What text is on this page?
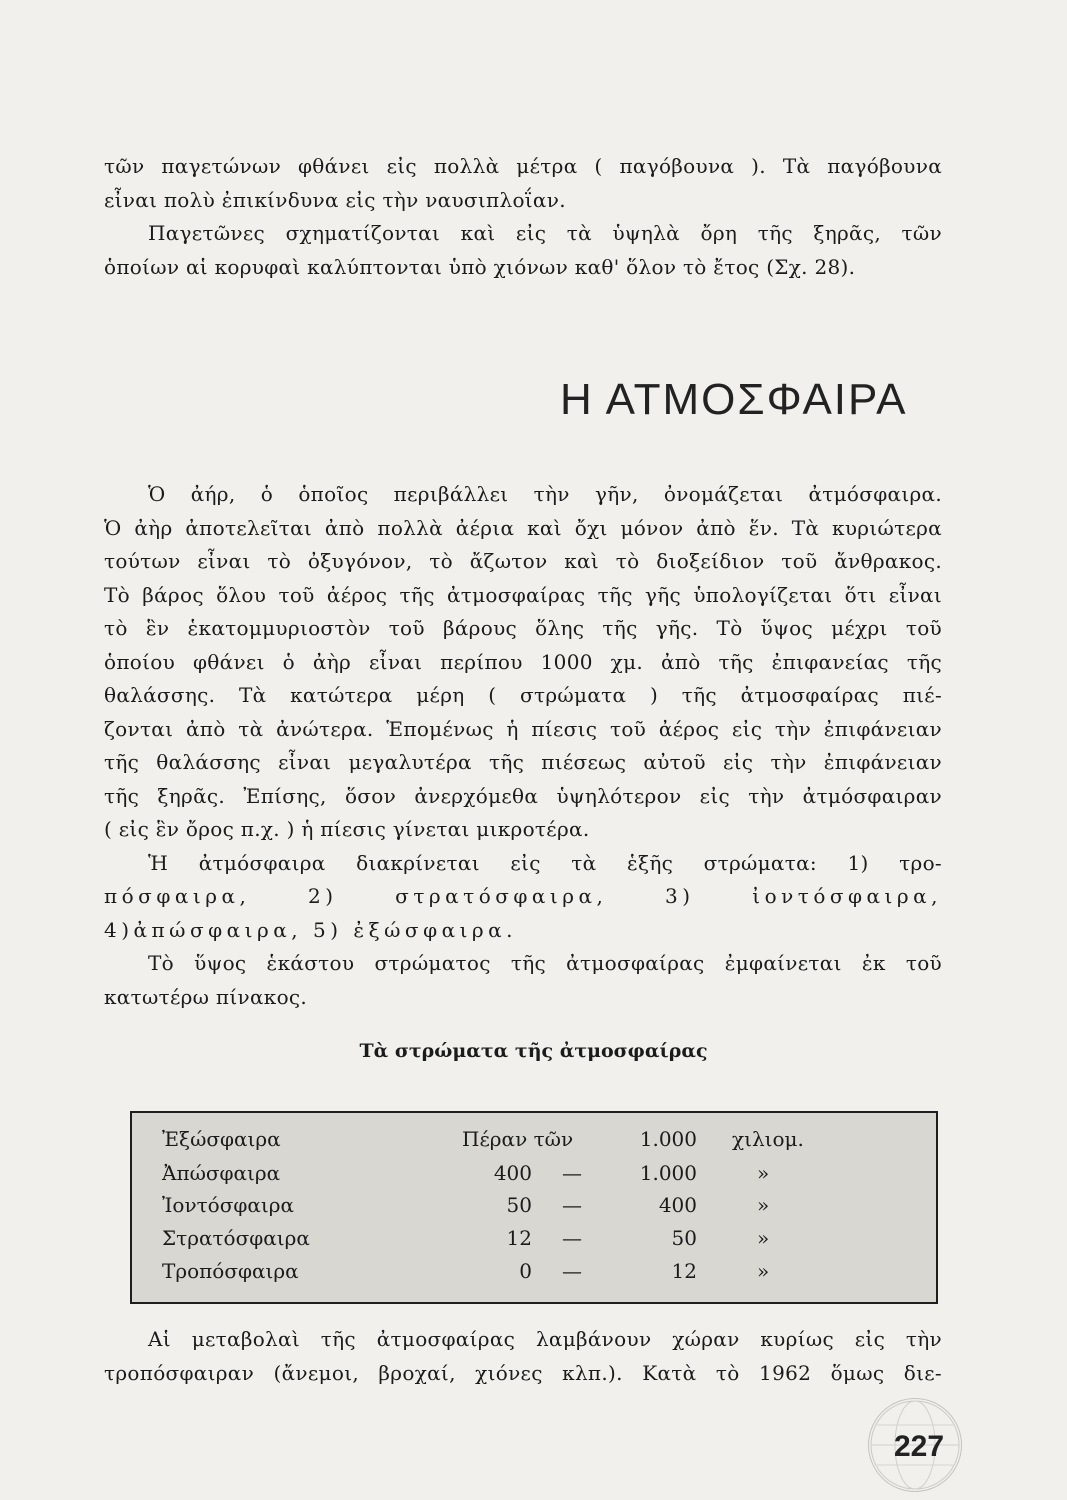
τῶν παγετώνων φθάνει εἰς πολλὰ μέτρα ( παγόβουνα ). Τὰ παγόβουνα
εἶναι πολὺ ἐπικίνδυνα εἰς τὴν ναυσιπλοΐαν.
Παγετῶνες σχηματίζονται καὶ εἰς τὰ ὑψηλὰ ὄρη τῆς ξηρᾶς, τῶν
ὁποίων αἱ κορυφαὶ καλύπτονται ὑπὸ χιόνων καθ' ὅλον τὸ ἔτος (Σχ. 28).
Η ΑΤΜΟΣΦΑΙΡΑ
Ὁ ἀήρ, ὁ ὁποῖος περιβάλλει τὴν γῆν, ὀνομάζεται ἀτμόσφαιρα.
Ὁ ἀὴρ ἀποτελεῖται ἀπὸ πολλὰ ἀέρια καὶ ὄχι μόνον ἀπὸ ἕν. Τὰ κυριώτερα
τούτων εἶναι τὸ ὀξυγόνον, τὸ ἄζωτον καὶ τὸ διοξείδιον τοῦ ἄνθρακος.
Τὸ βάρος ὅλου τοῦ ἀέρος τῆς ἀτμοσφαίρας τῆς γῆς ὑπολογίζεται ὅτι εἶναι
τὸ ἓν ἑκατομμυριοστὸν τοῦ βάρους ὅλης τῆς γῆς. Τὸ ὕψος μέχρι τοῦ
ὁποίου φθάνει ὁ ἀὴρ εἶναι περίπου 1000 χμ. ἀπὸ τῆς ἐπιφανείας τῆς
θαλάσσης. Τὰ κατώτερα μέρη ( στρώματα ) τῆς ἀτμοσφαίρας πιέ-
ζονται ἀπὸ τὰ ἀνώτερα. Ἑπομένως ἡ πίεσις τοῦ ἀέρος εἰς τὴν ἐπιφάνειαν
τῆς θαλάσσης εἶναι μεγαλυτέρα τῆς πιέσεως αὐτοῦ εἰς τὴν ἐπιφάνειαν
τῆς ξηρᾶς. Ἐπίσης, ὅσον ἀνερχόμεθα ὑψηλότερον εἰς τὴν ἀτμόσφαιραν
( εἰς ἓν ὄρος π.χ. ) ἡ πίεσις γίνεται μικροτέρα.
Ἡ ἀτμόσφαιρα διακρίνεται εἰς τὰ ἑξῆς στρώματα: 1) τρο-
πόσφαιρα, 2) στρατόσφαιρα, 3) ἰοντόσφαιρα,
4)ἀπώσφαιρα, 5) ἐξώσφαιρα.
Τὸ ὕψος ἑκάστου στρώματος τῆς ἀτμοσφαίρας ἐμφαίνεται ἐκ τοῦ
κατωτέρω πίνακος.
Τὰ στρώματα τῆς ἀτμοσφαίρας
Ἐξώσφαιρα	Πέραν τῶν	1.000 χιλιομ.
Ἀπώσφαιρα	400 —	1.000	»
Ἰοντόσφαιρα	50 —	400	»
Στρατόσφαιρα	12 —	50	»
Τροπόσφαιρα	0 —	12	»
Αἱ μεταβολαὶ τῆς ἀτμοσφαίρας λαμβάνουν χώραν κυρίως εἰς τὴν
τροπόσφαιραν (ἄνεμοι, βροχαί, χιόνες κλπ.). Κατὰ τὸ 1962 ὅμως διε-
227
